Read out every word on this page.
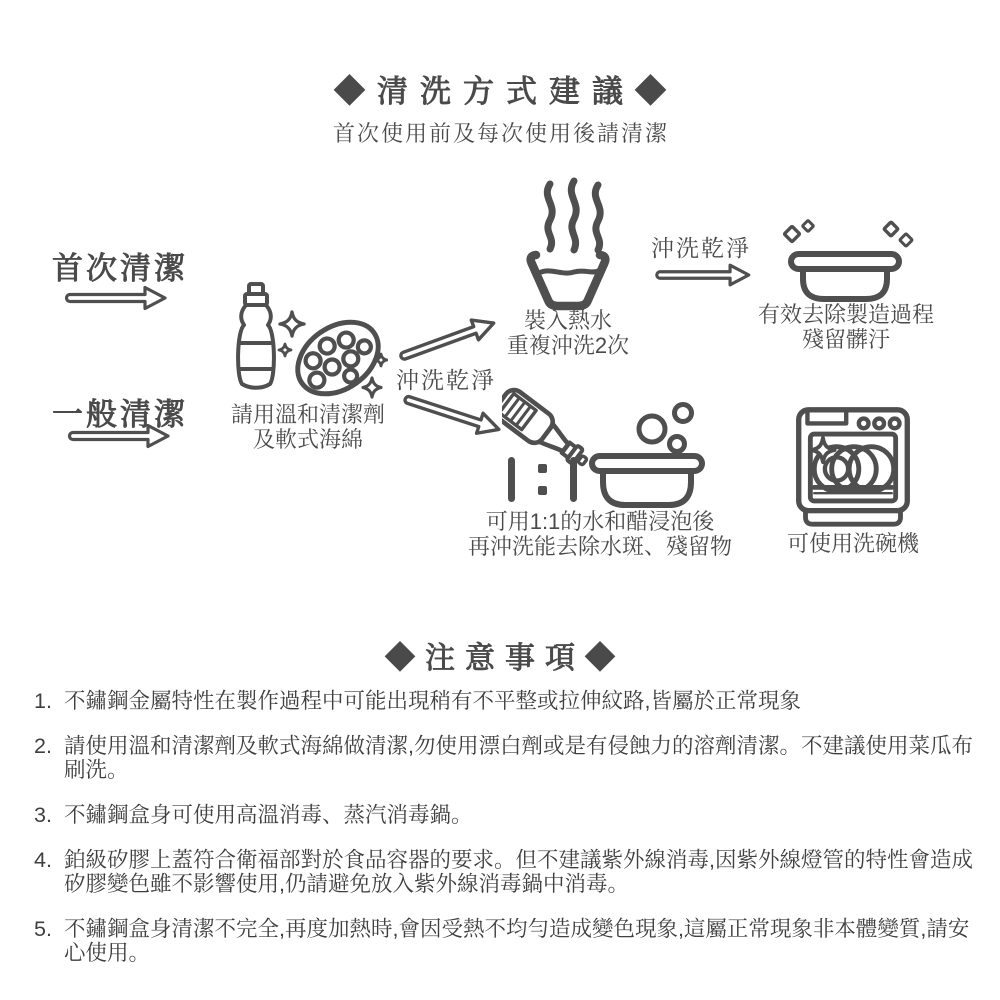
◆清洗方式建議◆
首次使用前及每次使用後請清潔
首次清潔
一般清潔	請用溫和清潔劑
及軟式海綿
沖洗乾淨
裝入熱水
重複沖洗2次
沖洗乾淨
有效去除製造過程
殘留髒汙
可用1:1的水和醋浸泡後
再沖洗能去除水斑、殘留物	可使用洗碗機
◆注意事項◆
1. 不鏽鋼金屬特性在製作過程中可能出現稍有不平整或拉伸紋路,皆屬於正常現象
2. 請使用溫和清潔劑及軟式海綿做清潔,勿使用漂白劑或是有侵蝕力的溶劑清潔。不建議使用菜瓜布刷洗。
3. 不鏽鋼盒身可使用高溫消毒、蒸汽消毒鍋。
4. 鉑級矽膠上蓋符合衛福部對於食品容器的要求。但不建議紫外線消毒,因紫外線燈管的特性會造成矽膠變色雖不影響使用,仍請避免放入紫外線消毒鍋中消毒。
5. 不鏽鋼盒身清潔不完全,再度加熱時,會因受熱不均勻造成變色現象,這屬正常現象非本體變質,請安心使用。
